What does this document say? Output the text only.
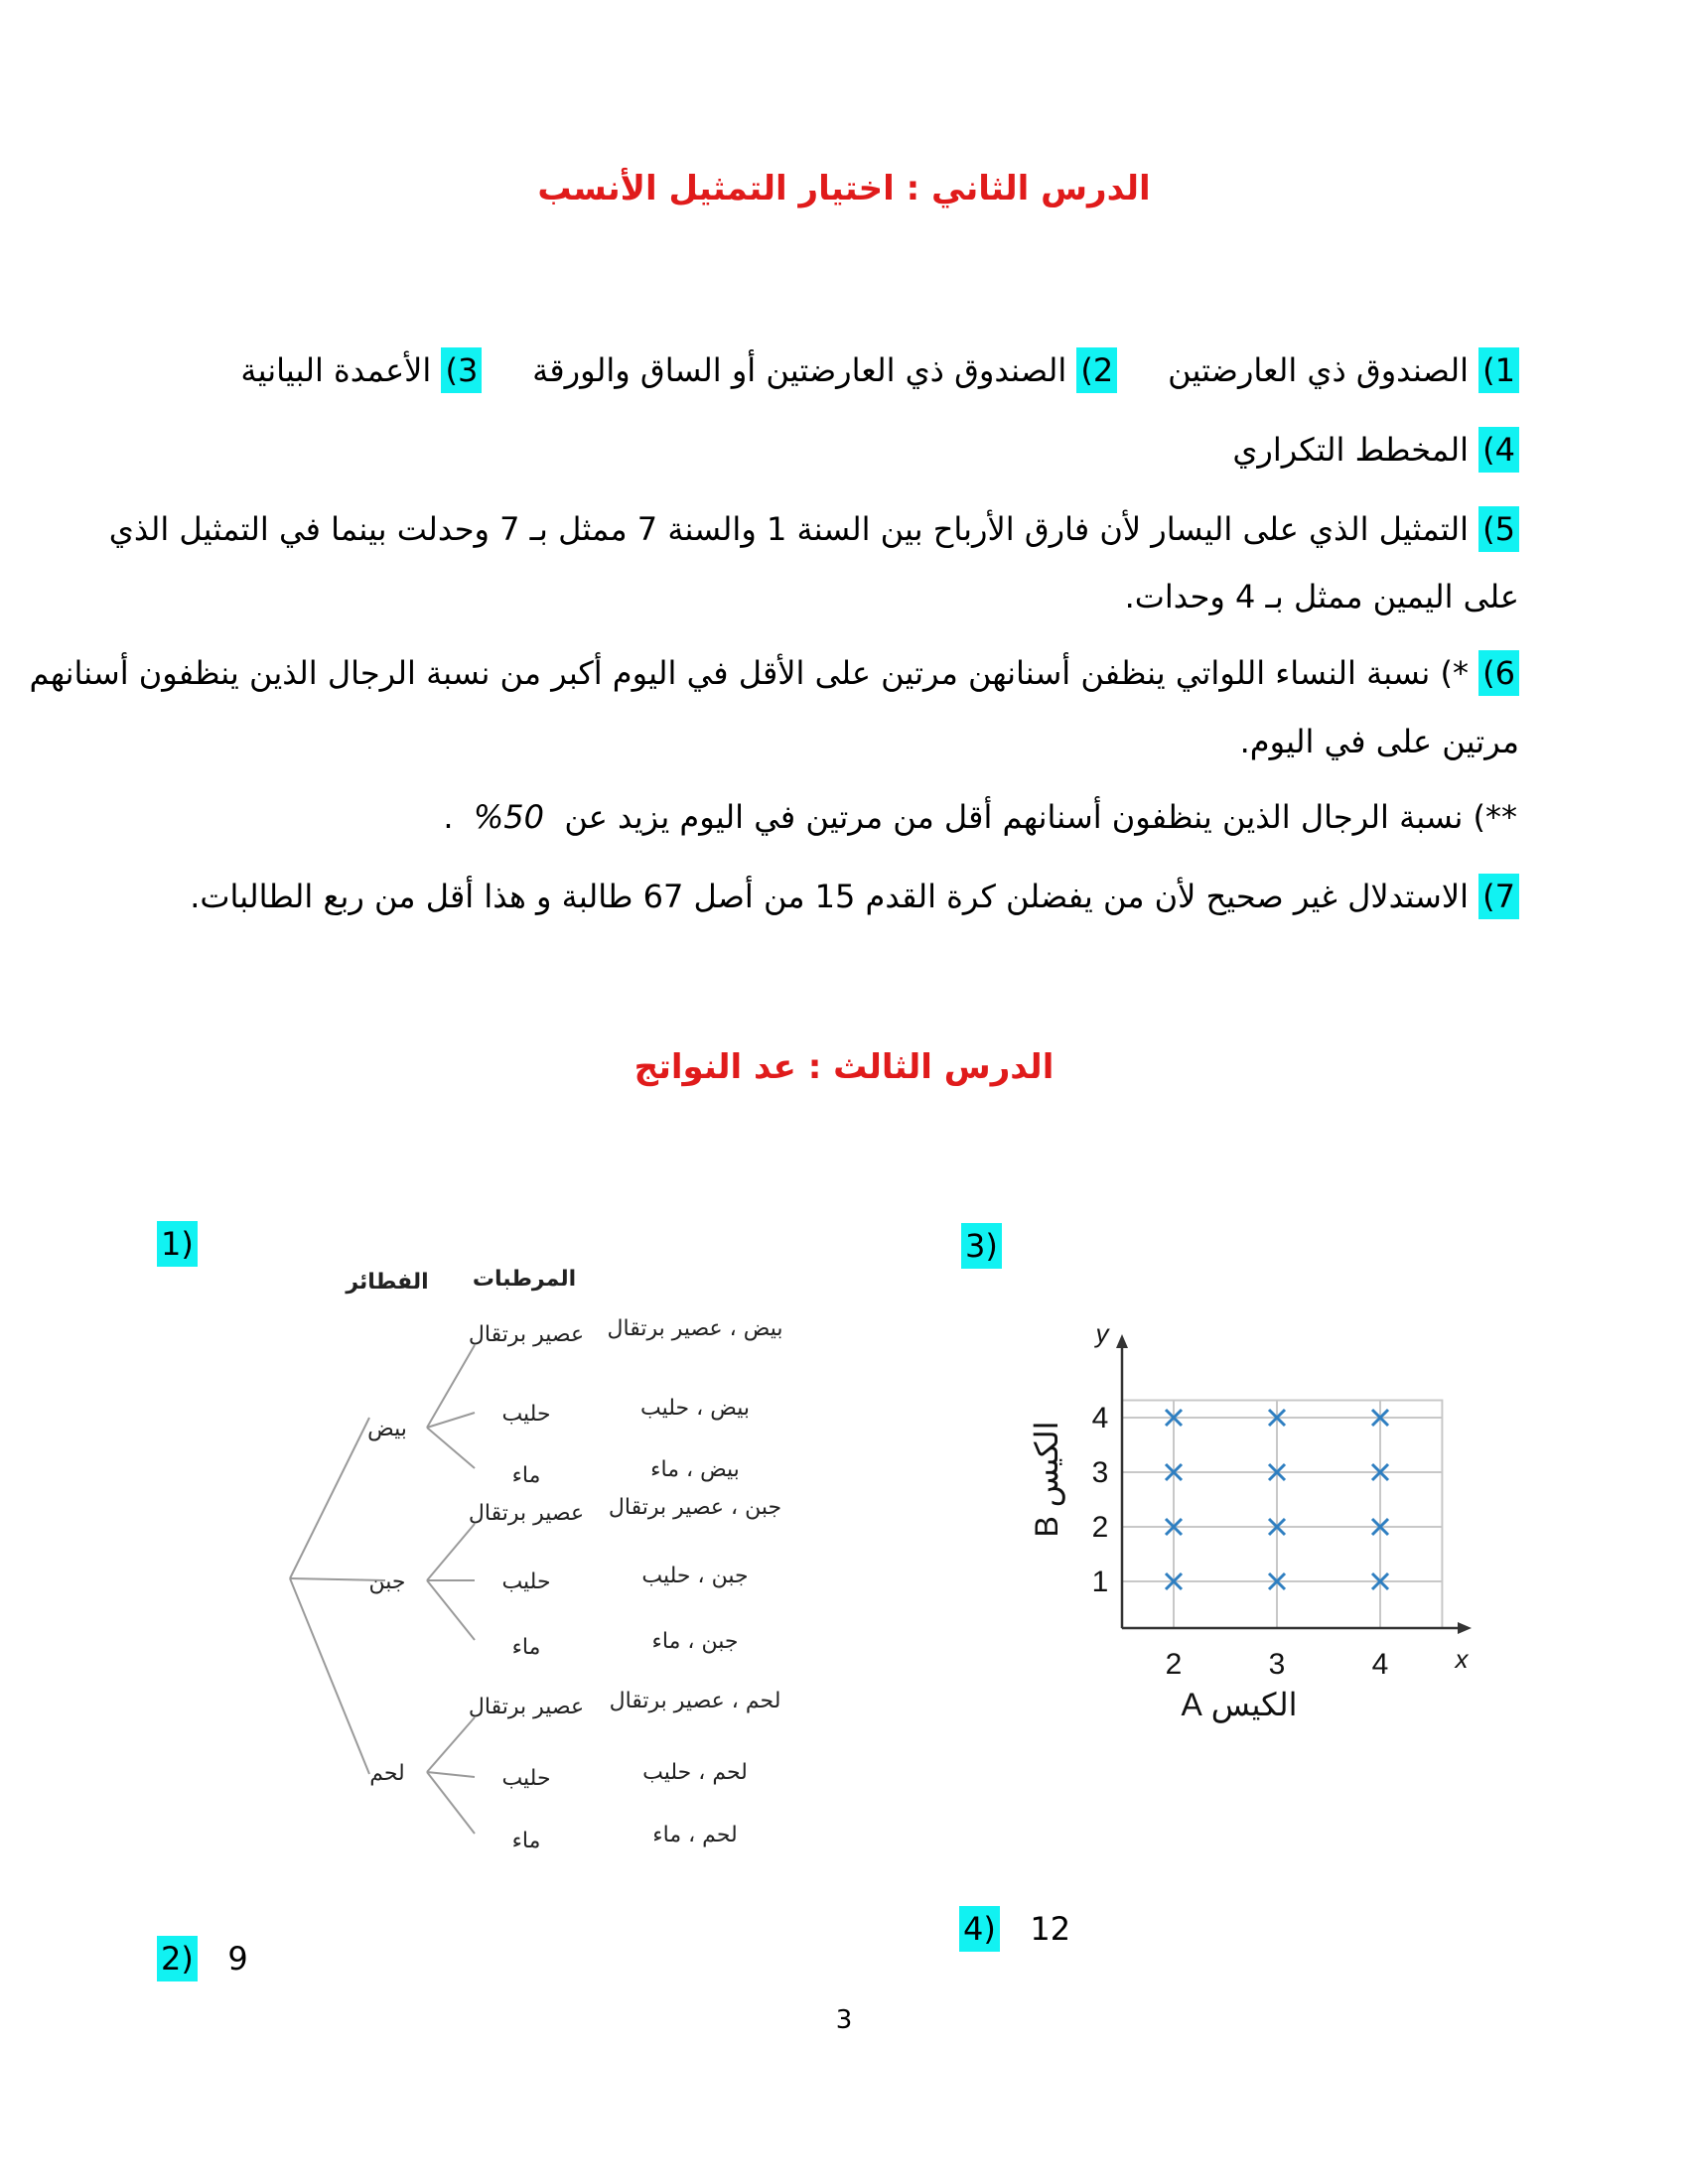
الدرس الثاني : اختيار التمثيل الأنسب
1) الصندوق ذي العارضتين     2) الصندوق ذي العارضتين أو الساق والورقة     3) الأعمدة البيانية
4) المخطط التكراري
5) التمثيل الذي على اليسار لأن فارق الأرباح بين السنة 1 والسنة 7 ممثل بـ 7 وحدلت بينما في التمثيل الذي
على اليمين ممثل بـ 4 وحدات.
6) *) نسبة النساء اللواتي ينظفن أسنانهن مرتين على الأقل في اليوم أكبر من نسبة الرجال الذين ينظفون أسنانهم
مرتين على في اليوم.
**) نسبة الرجال الذين ينظفون أسنانهم أقل من مرتين في اليوم يزيد عن  50%  .
7) الاستدلال غير صحيح لأن من يفضلن كرة القدم 15 من أصل 67 طالبة و هذا أقل من ربع الطالبات.
الدرس الثالث : عد النواتج
1)	3)
2) 9
4) 12
الفطائر المرطبات
بيض
عصير برتقال بيض ، عصير برتقال
حليب	بيض ، حليب
ماء	بيض ، ماء
جبن
عصير برتقال جبن ، عصير برتقال
حليب	جبن ، حليب
ماء	جبن ، ماء
لحم
عصير برتقال لحم ، عصير برتقال
حليب	لحم ، حليب
ماء	لحم ، ماء
1
2
3
4
2	3	4	x
y
الكيس A
الكيس B
3
